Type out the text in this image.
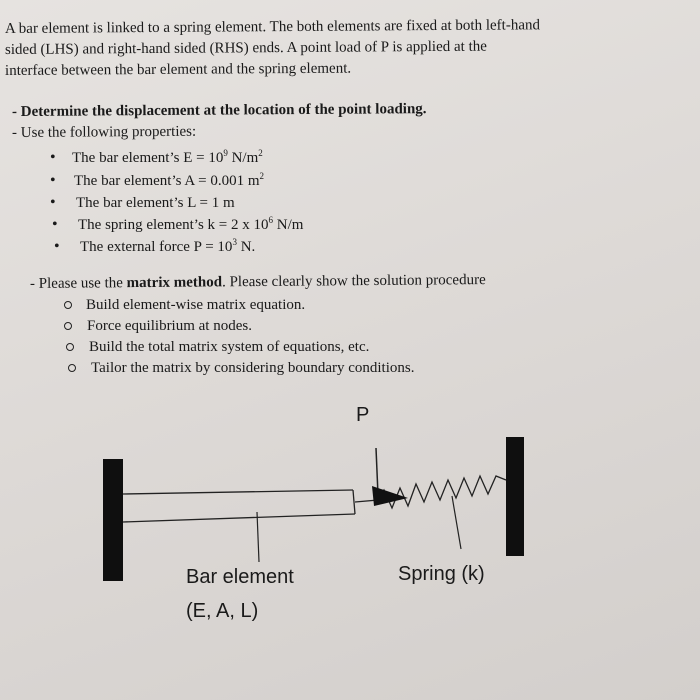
A bar element is linked to a spring element. The both elements are fixed at both left-hand
sided (LHS) and right-hand sided (RHS) ends. A point load of P is applied at the
interface between the bar element and the spring element.
- Determine the displacement at the location of the point loading.
- Use the following properties:
• The bar element’s $E = 10^9$ $N/m^2$
• The bar element’s A = 0.001 $m^2$
• The bar element’s L = 1 m
• The spring element’s k = 2 x $10^6$ N/m
• The external force $P = 10^3$ N.
- Please use the matrix method. Please clearly show the solution procedure
Build element-wise matrix equation.
Force equilibrium at nodes.
Build the total matrix system of equations, etc.
Tailor the matrix by considering boundary conditions.
P
Bar element
(E, A, L)
Spring (k)
